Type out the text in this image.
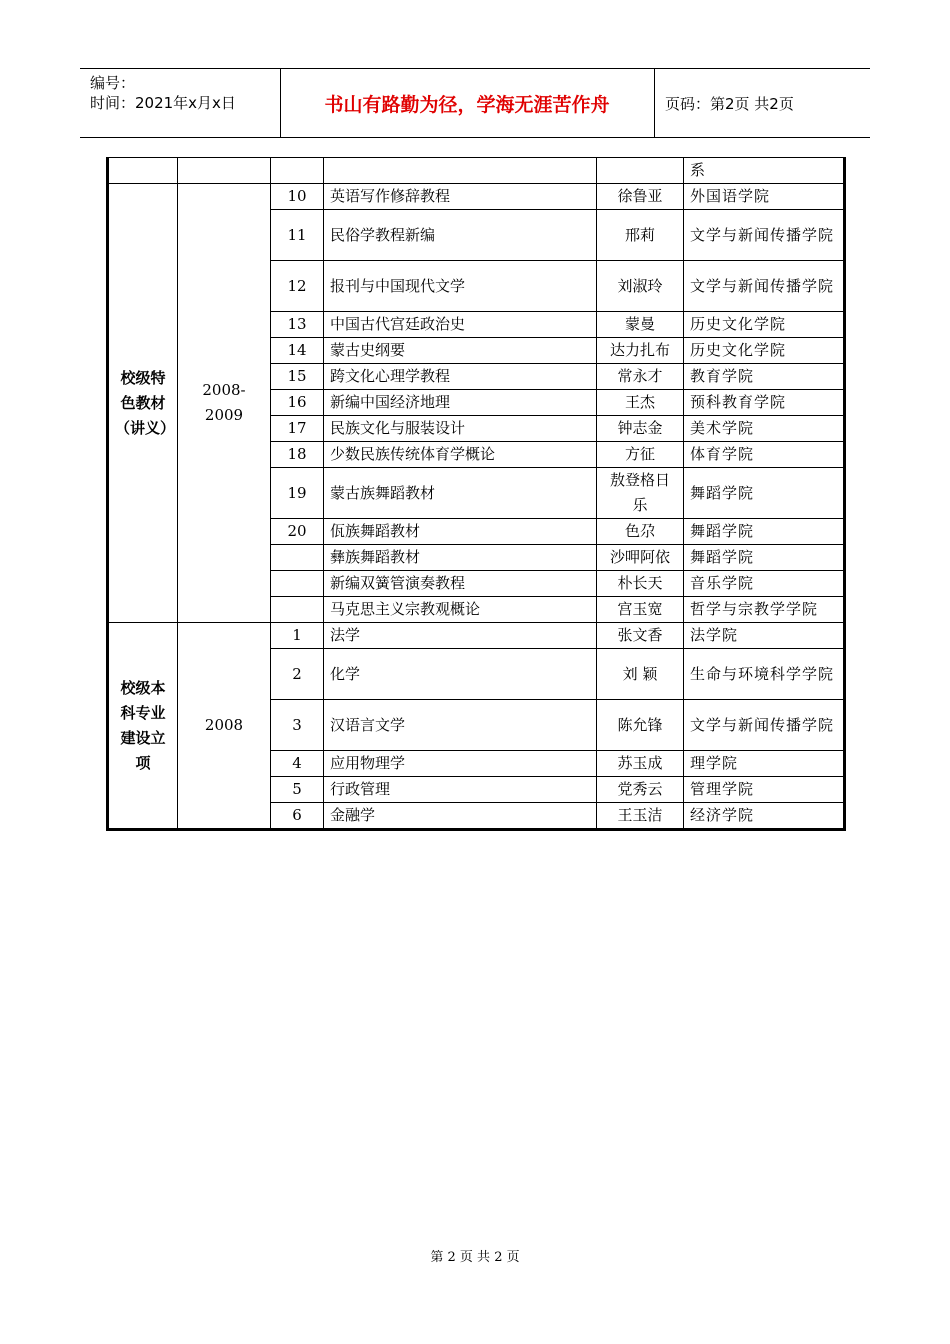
编号：
时间：2021年x月x日	书山有路勤为径，学海无涯苦作舟	页码：第2页 共2页
					系
校级特色教材（讲义）	2008-2009	10	英语写作修辞教程	徐鲁亚	外国语学院
		11	民俗学教程新编	邢莉	文学与新闻传播学院
		12	报刊与中国现代文学	刘淑玲	文学与新闻传播学院
		13	中国古代宫廷政治史	蒙曼	历史文化学院
		14	蒙古史纲要	达力扎布	历史文化学院
		15	跨文化心理学教程	常永才	教育学院
		16	新编中国经济地理	王杰	预科教育学院
		17	民族文化与服装设计	钟志金	美术学院
		18	少数民族传统体育学概论	方征	体育学院
		19	蒙古族舞蹈教材	敖登格日乐	舞蹈学院
		20	佤族舞蹈教材	色尕	舞蹈学院
			彝族舞蹈教材	沙呷阿依	舞蹈学院
			新编双簧管演奏教程	朴长天	音乐学院
			马克思主义宗教观概论	宫玉宽	哲学与宗教学学院
校级本科专业建设立项	2008	1	法学	张文香	法学院
		2	化学	刘 颖	生命与环境科学学院
		3	汉语言文学	陈允锋	文学与新闻传播学院
		4	应用物理学	苏玉成	理学院
		5	行政管理	党秀云	管理学院
		6	金融学	王玉洁	经济学院
第 2 页 共 2 页
